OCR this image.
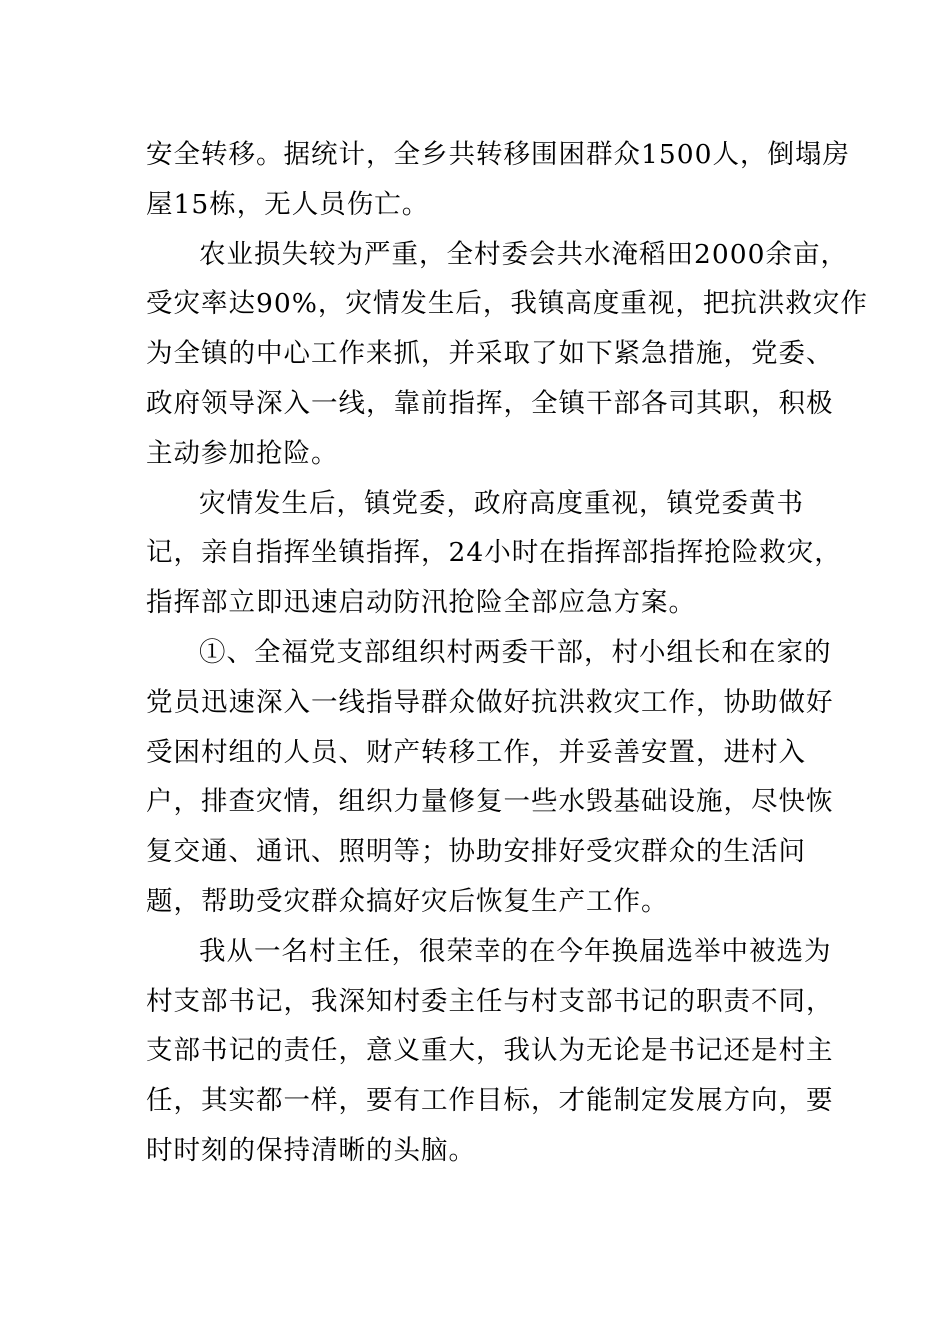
安全转移。据统计，全乡共转移围困群众1500人，倒塌房
屋15栋，无人员伤亡。
农业损失较为严重，全村委会共水淹稻田2000余亩，
受灾率达90%，灾情发生后，我镇高度重视，把抗洪救灾作
为全镇的中心工作来抓，并采取了如下紧急措施，党委、
政府领导深入一线，靠前指挥，全镇干部各司其职，积极
主动参加抢险。
灾情发生后，镇党委，政府高度重视，镇党委黄书
记，亲自指挥坐镇指挥，24小时在指挥部指挥抢险救灾，
指挥部立即迅速启动防汛抢险全部应急方案。
①、全福党支部组织村两委干部，村小组长和在家的
党员迅速深入一线指导群众做好抗洪救灾工作，协助做好
受困村组的人员、财产转移工作，并妥善安置，进村入
户，排查灾情，组织力量修复一些水毁基础设施，尽快恢
复交通、通讯、照明等；协助安排好受灾群众的生活问
题，帮助受灾群众搞好灾后恢复生产工作。
我从一名村主任，很荣幸的在今年换届选举中被选为
村支部书记，我深知村委主任与村支部书记的职责不同，
支部书记的责任，意义重大，我认为无论是书记还是村主
任，其实都一样，要有工作目标，才能制定发展方向，要
时时刻的保持清晰的头脑。
